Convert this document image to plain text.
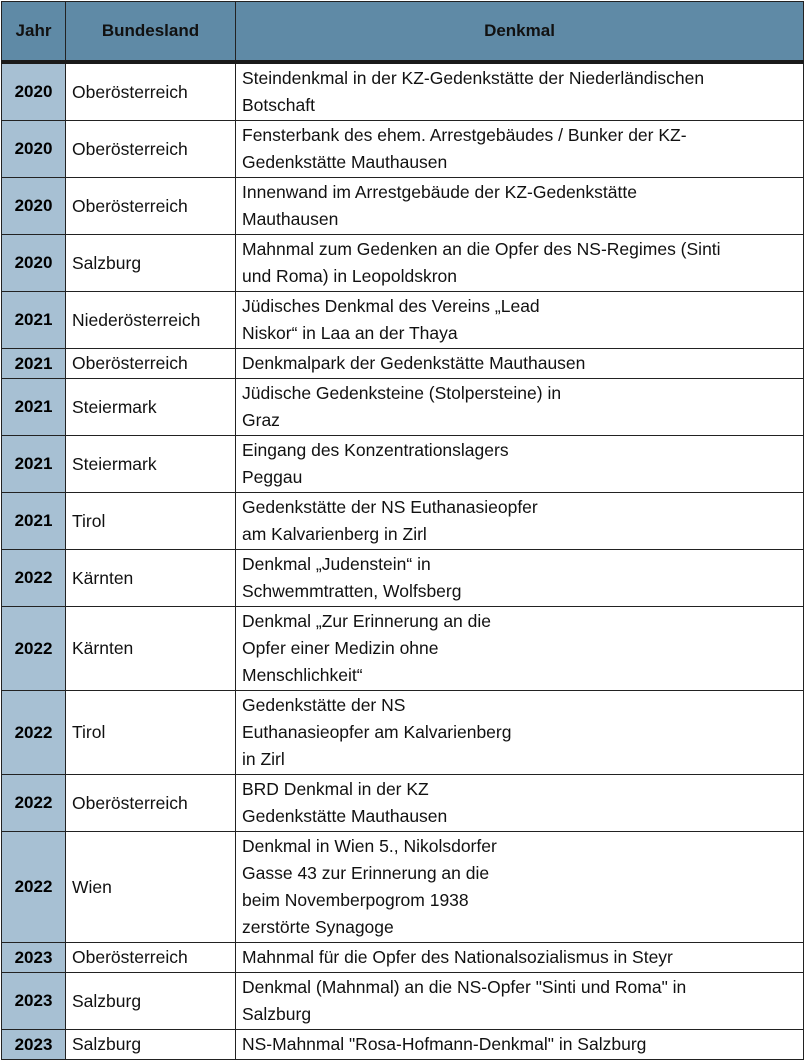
Jahr	Bundesland	Denkmal
2020	Oberösterreich	Steindenkmal in der KZ-Gedenkstätte der Niederländischen
Botschaft
2020	Oberösterreich	Fensterbank des ehem. Arrestgebäudes / Bunker der KZ-
Gedenkstätte Mauthausen
2020	Oberösterreich	Innenwand im Arrestgebäude der KZ-Gedenkstätte
Mauthausen
2020	Salzburg	Mahnmal zum Gedenken an die Opfer des NS-Regimes (Sinti
und Roma) in Leopoldskron
2021	Niederösterreich	Jüdisches Denkmal des Vereins „Lead
Niskor“ in Laa an der Thaya
2021	Oberösterreich	Denkmalpark der Gedenkstätte Mauthausen
2021	Steiermark	Jüdische Gedenksteine (Stolpersteine) in
Graz
2021	Steiermark	Eingang des Konzentrationslagers
Peggau
2021	Tirol	Gedenkstätte der NS Euthanasieopfer
am Kalvarienberg in Zirl
2022	Kärnten	Denkmal „Judenstein“ in
Schwemmtratten, Wolfsberg
2022	Kärnten	Denkmal „Zur Erinnerung an die
Opfer einer Medizin ohne
Menschlichkeit“
2022	Tirol	Gedenkstätte der NS
Euthanasieopfer am Kalvarienberg
in Zirl
2022	Oberösterreich	BRD Denkmal in der KZ
Gedenkstätte Mauthausen
2022	Wien	Denkmal in Wien 5., Nikolsdorfer
Gasse 43 zur Erinnerung an die
beim Novemberpogrom 1938
zerstörte Synagoge
2023	Oberösterreich	Mahnmal für die Opfer des Nationalsozialismus in Steyr
2023	Salzburg	Denkmal (Mahnmal) an die NS-Opfer "Sinti und Roma" in
Salzburg
2023	Salzburg	NS-Mahnmal "Rosa-Hofmann-Denkmal" in Salzburg
